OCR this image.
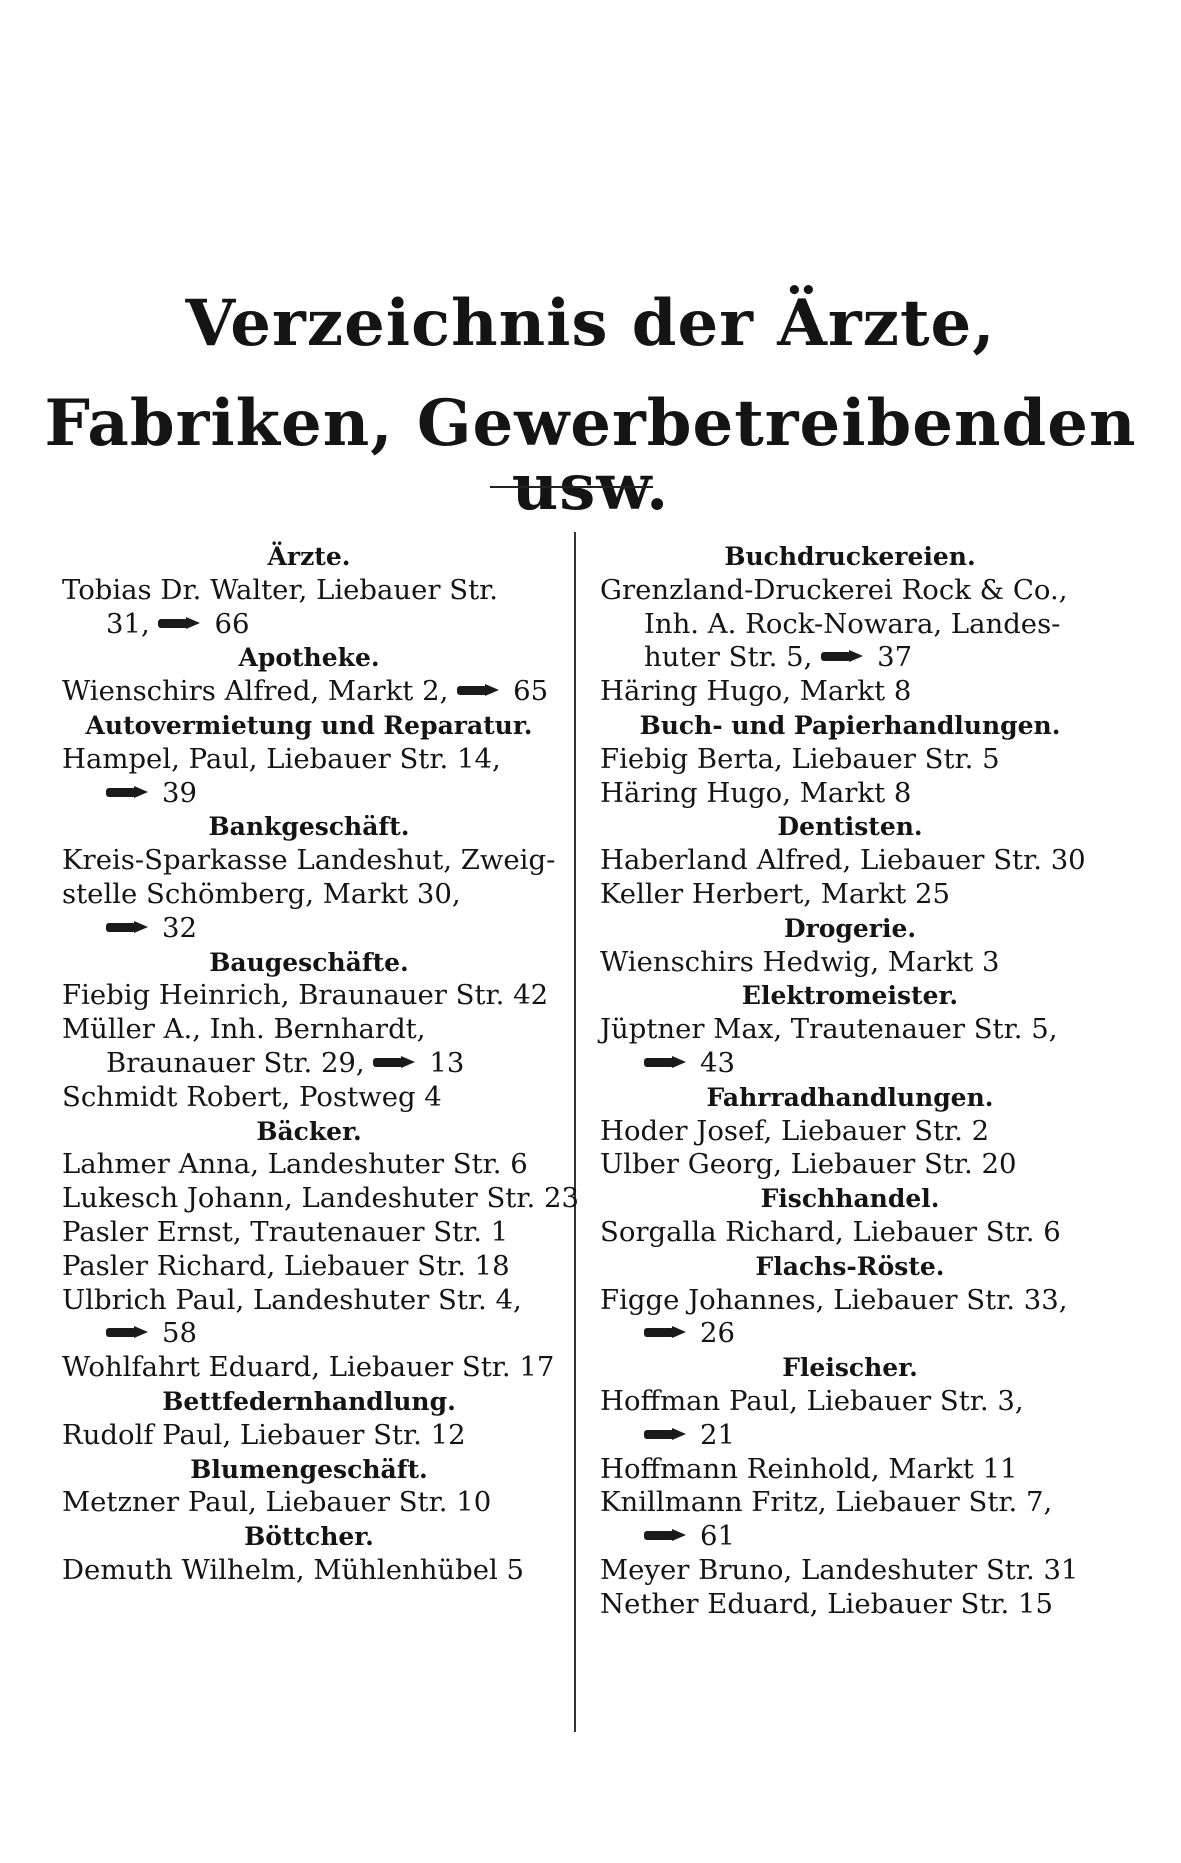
Verzeichnis der Ärzte,
Fabriken, Gewerbetreibenden usw.
Ärzte.
Tobias Dr. Walter, Liebauer Str.
31, 66
Apotheke.
Wienschirs Alfred, Markt 2, 65
Autovermietung und Reparatur.
Hampel, Paul, Liebauer Str. 14,
39
Bankgeschäft.
Kreis-Sparkasse Landeshut, Zweig-
stelle Schömberg, Markt 30,
32
Baugeschäfte.
Fiebig Heinrich, Braunauer Str. 42
Müller A., Inh. Bernhardt,
Braunauer Str. 29, 13
Schmidt Robert, Postweg 4
Bäcker.
Lahmer Anna, Landeshuter Str. 6
Lukesch Johann, Landeshuter Str. 23
Pasler Ernst, Trautenauer Str. 1
Pasler Richard, Liebauer Str. 18
Ulbrich Paul, Landeshuter Str. 4,
58
Wohlfahrt Eduard, Liebauer Str. 17
Bettfedernhandlung.
Rudolf Paul, Liebauer Str. 12
Blumengeschäft.
Metzner Paul, Liebauer Str. 10
Böttcher.
Demuth Wilhelm, Mühlenhübel 5
Buchdruckereien.
Grenzland-Druckerei Rock & Co.,
Inh. A. Rock-Nowara, Landes-
huter Str. 5, 37
Häring Hugo, Markt 8
Buch- und Papierhandlungen.
Fiebig Berta, Liebauer Str. 5
Häring Hugo, Markt 8
Dentisten.
Haberland Alfred, Liebauer Str. 30
Keller Herbert, Markt 25
Drogerie.
Wienschirs Hedwig, Markt 3
Elektromeister.
Jüptner Max, Trautenauer Str. 5,
43
Fahrradhandlungen.
Hoder Josef, Liebauer Str. 2
Ulber Georg, Liebauer Str. 20
Fischhandel.
Sorgalla Richard, Liebauer Str. 6
Flachs-Röste.
Figge Johannes, Liebauer Str. 33,
26
Fleischer.
Hoffman Paul, Liebauer Str. 3,
21
Hoffmann Reinhold, Markt 11
Knillmann Fritz, Liebauer Str. 7,
61
Meyer Bruno, Landeshuter Str. 31
Nether Eduard, Liebauer Str. 15
